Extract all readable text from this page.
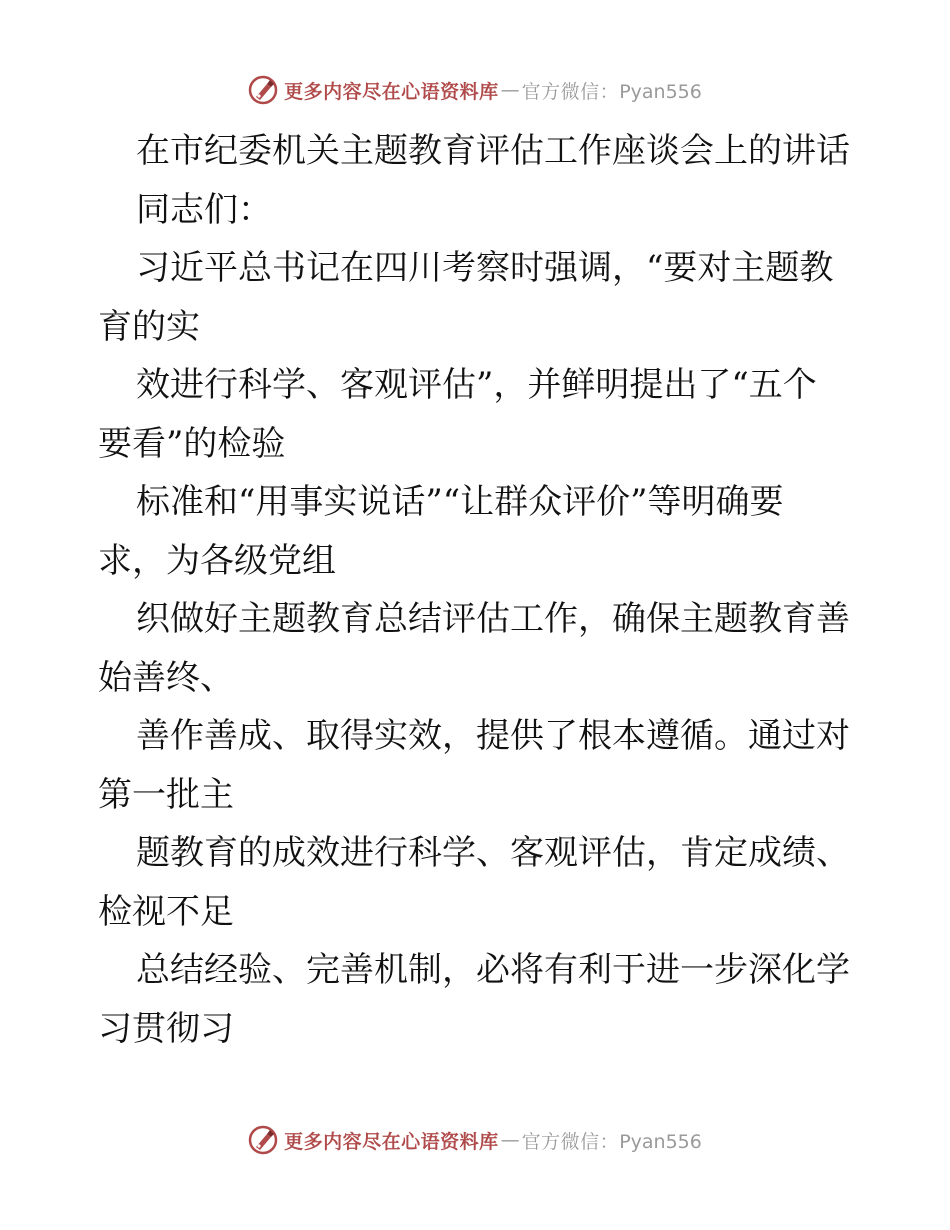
更多内容尽在心语资料库 — 官方微信：Pyan556
在市纪委机关主题教育评估工作座谈会上的讲话
同志们：
习近平总书记在四川考察时强调，“要对主题教
育的实
效进行科学、客观评估”，并鲜明提出了“五个
要看”的检验
标准和“用事实说话”“让群众评价”等明确要
求，为各级党组
织做好主题教育总结评估工作，确保主题教育善
始善终、
善作善成、取得实效，提供了根本遵循。通过对
第一批主
题教育的成效进行科学、客观评估，肯定成绩、
检视不足
总结经验、完善机制，必将有利于进一步深化学
习贯彻习
更多内容尽在心语资料库 — 官方微信：Pyan556
